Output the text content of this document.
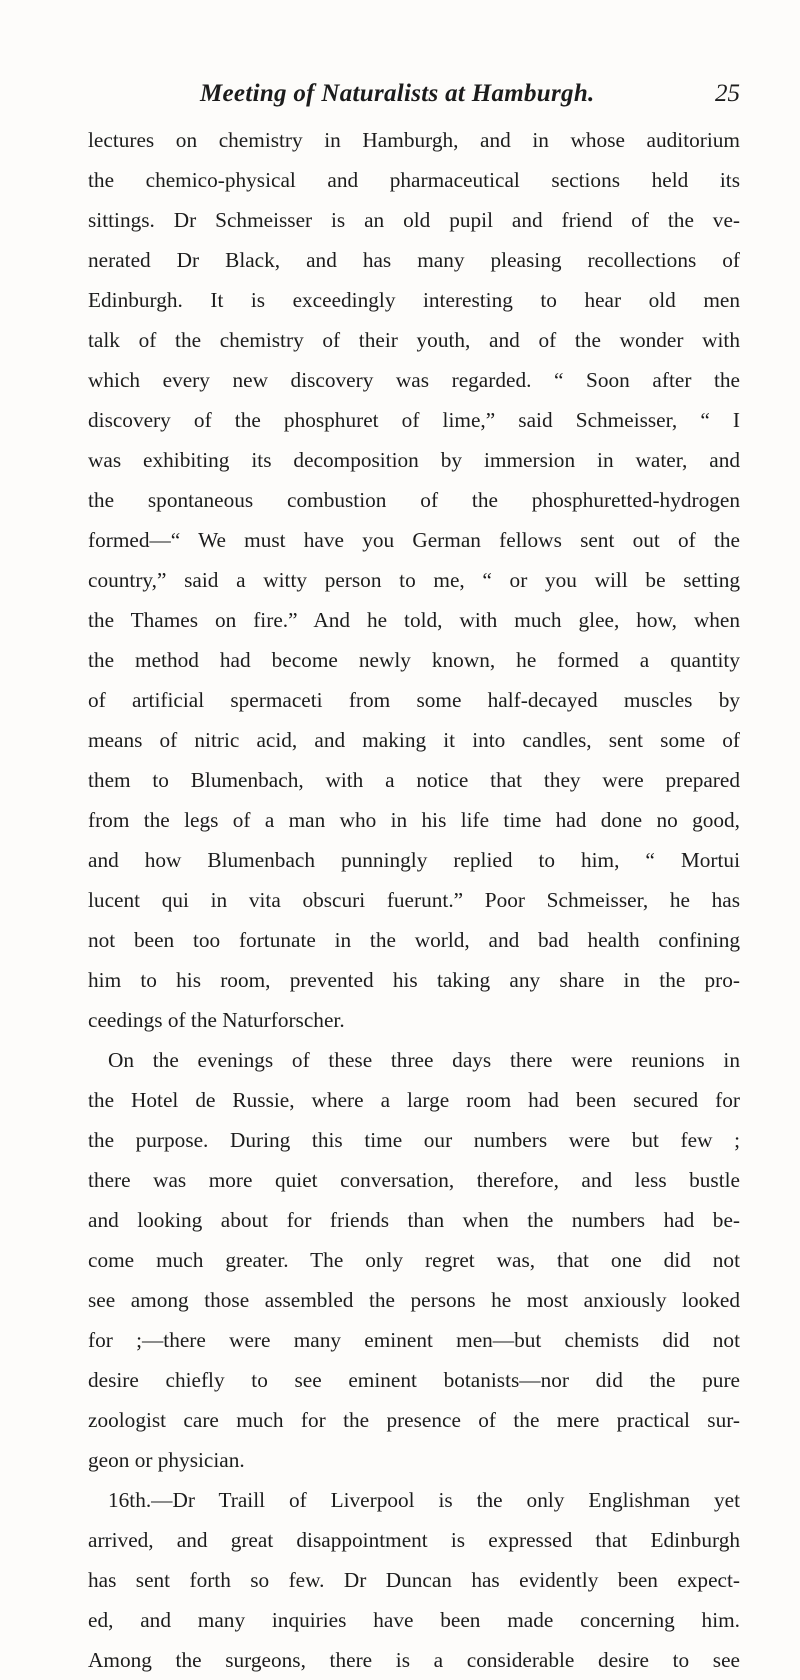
Meeting of Naturalists at Hamburgh.	25
lectures on chemistry in Hamburgh, and in whose auditorium
the chemico-physical and pharmaceutical sections held its
sittings. Dr Schmeisser is an old pupil and friend of the ve-
nerated Dr Black, and has many pleasing recollections of
Edinburgh. It is exceedingly interesting to hear old men
talk of the chemistry of their youth, and of the wonder with
which every new discovery was regarded. “ Soon after the
discovery of the phosphuret of lime,” said Schmeisser, “ I
was exhibiting its decomposition by immersion in water, and
the spontaneous combustion of the phosphuretted-hydrogen
formed—“ We must have you German fellows sent out of the
country,” said a witty person to me, “ or you will be setting
the Thames on fire.” And he told, with much glee, how, when
the method had become newly known, he formed a quantity
of artificial spermaceti from some half-decayed muscles by
means of nitric acid, and making it into candles, sent some of
them to Blumenbach, with a notice that they were prepared
from the legs of a man who in his life time had done no good,
and how Blumenbach punningly replied to him, “ Mortui
lucent qui in vita obscuri fuerunt.” Poor Schmeisser, he has
not been too fortunate in the world, and bad health confining
him to his room, prevented his taking any share in the pro-
ceedings of the Naturforscher.
On the evenings of these three days there were reunions in
the Hotel de Russie, where a large room had been secured for
the purpose. During this time our numbers were but few ;
there was more quiet conversation, therefore, and less bustle
and looking about for friends than when the numbers had be-
come much greater. The only regret was, that one did not
see among those assembled the persons he most anxiously looked
for ;—there were many eminent men—but chemists did not
desire chiefly to see eminent botanists—nor did the pure
zoologist care much for the presence of the mere practical sur-
geon or physician.
16th.—Dr Traill of Liverpool is the only Englishman yet
arrived, and great disappointment is expressed that Edinburgh
has sent forth so few. Dr Duncan has evidently been expect-
ed, and many inquiries have been made concerning him.
Among the surgeons, there is a considerable desire to see
